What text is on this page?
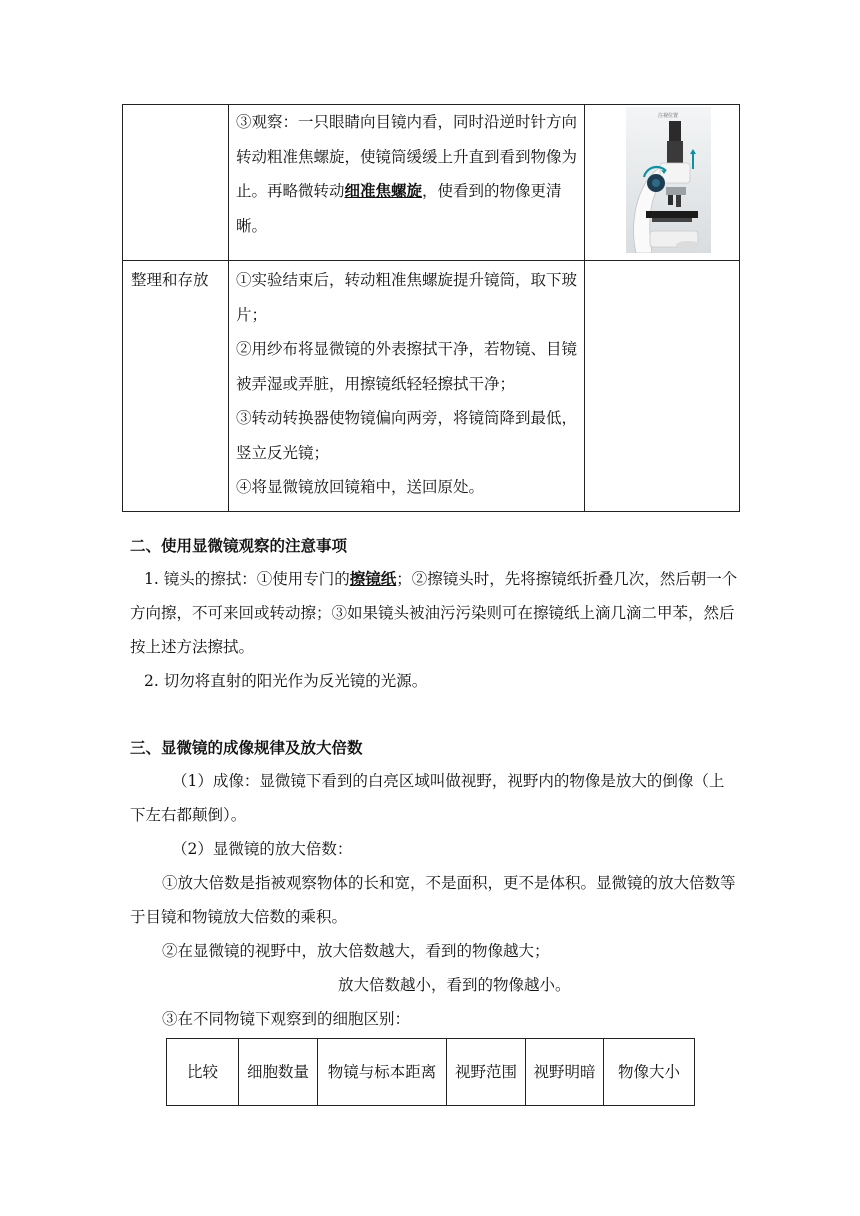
	③观察：一只眼睛向目镜内看，同时沿逆时针方向转动粗准焦螺旋，使镜筒缓缓上升直到看到物像为止。再略微转动细准焦螺旋，使看到的物像更清晰。	注视位置

整理和存放	①实验结束后，转动粗准焦螺旋提升镜筒，取下玻片；

②用纱布将显微镜的外表擦拭干净，若物镜、目镜被弄湿或弄脏，用擦镜纸轻轻擦拭干净；

③转动转换器使物镜偏向两旁，将镜筒降到最低，竖立反光镜；

④将显微镜放回镜箱中，送回原处。	

二、使用显微镜观察的注意事项

1. 镜头的擦拭：①使用专门的擦镜纸；②擦镜头时，先将擦镜纸折叠几次，然后朝一个方向擦，不可来回或转动擦；③如果镜头被油污污染则可在擦镜纸上滴几滴二甲苯，然后按上述方法擦拭。

2. 切勿将直射的阳光作为反光镜的光源。

三、显微镜的成像规律及放大倍数

（1）成像：显微镜下看到的白亮区域叫做视野，视野内的物像是放大的倒像（上下左右都颠倒）。

（2）显微镜的放大倍数：

①放大倍数是指被观察物体的长和宽，不是面积，更不是体积。显微镜的放大倍数等于目镜和物镜放大倍数的乘积。

②在显微镜的视野中，放大倍数越大，看到的物像越大；

放大倍数越小，看到的物像越小。

③在不同物镜下观察到的细胞区别：

比较	细胞数量	物镜与标本距离	视野范围	视野明暗	物像大小
